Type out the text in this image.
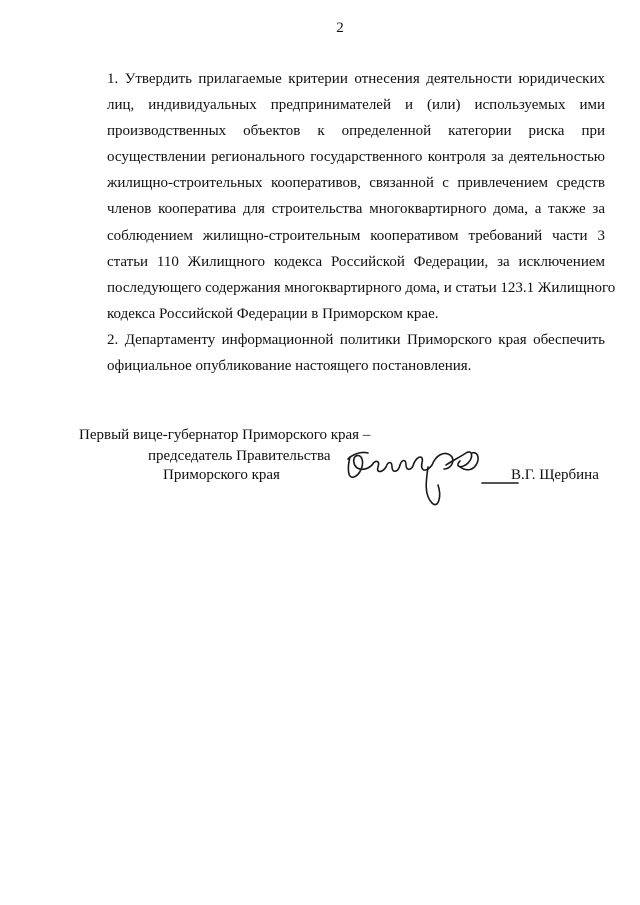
2
1. Утвердить прилагаемые критерии отнесения деятельности юридических
лиц, индивидуальных предпринимателей и (или) используемых ими
производственных объектов к определенной категории риска при
осуществлении регионального государственного контроля за деятельностью
жилищно-строительных кооперативов, связанной с привлечением средств
членов кооператива для строительства многоквартирного дома, а также за
соблюдением жилищно-строительным кооперативом требований части 3
статьи 110 Жилищного кодекса Российской Федерации, за исключением
последующего содержания многоквартирного дома, и статьи 123.1 Жилищного
кодекса Российской Федерации в Приморском крае.
2. Департаменту информационной политики Приморского края обеспечить
официальное опубликование настоящего постановления.
Первый вице-губернатор Приморского края –
председатель Правительства
Приморского края	В.Г. Щербина
